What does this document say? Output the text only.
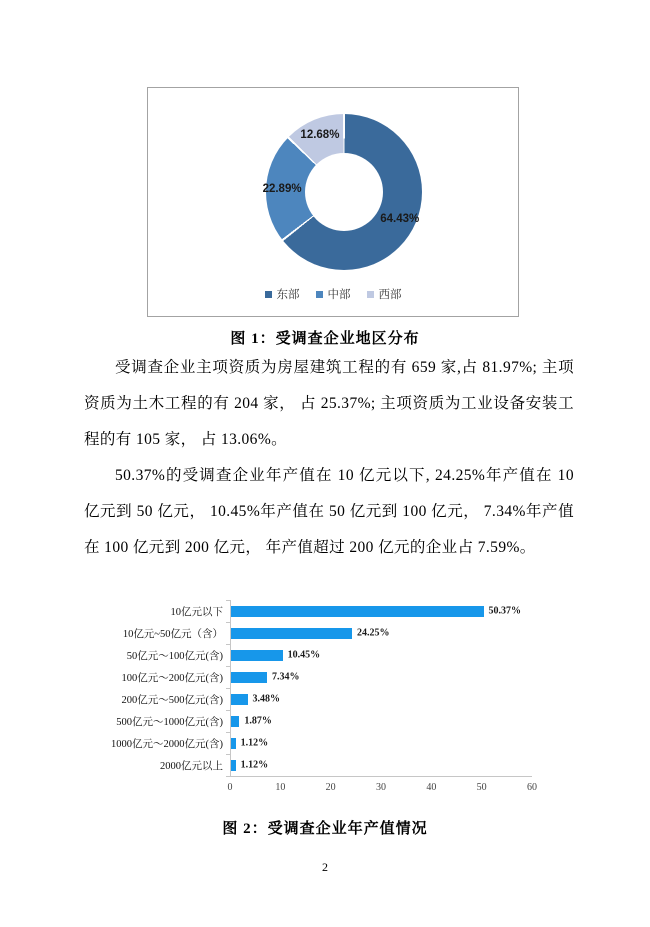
64.43%
22.89%
12.68%
东部 中部 西部
图 1：受调查企业地区分布
受调查企业主项资质为房屋建筑工程的有 659 家,占 81.97%; 主项资质为土木工程的有 204 家， 占 25.37%; 主项资质为工业设备安装工程的有 105 家， 占 13.06%。
50.37%的受调查企业年产值在 10 亿元以下, 24.25%年产值在 10 亿元到 50 亿元， 10.45%年产值在 50 亿元到 100 亿元， 7.34%年产值在 100 亿元到 200 亿元， 年产值超过 200 亿元的企业占 7.59%。
10亿元以下	50.37%
10亿元~50亿元（含）	24.25%
50亿元～100亿元(含)	10.45%
100亿元～200亿元(含)	7.34%
200亿元～500亿元(含)	3.48%
500亿元～1000亿元(含)	1.87%
1000亿元～2000亿元(含)	1.12%
2000亿元以上	1.12%
0	10	20	30	40	50	60
图 2：受调查企业年产值情况
2
